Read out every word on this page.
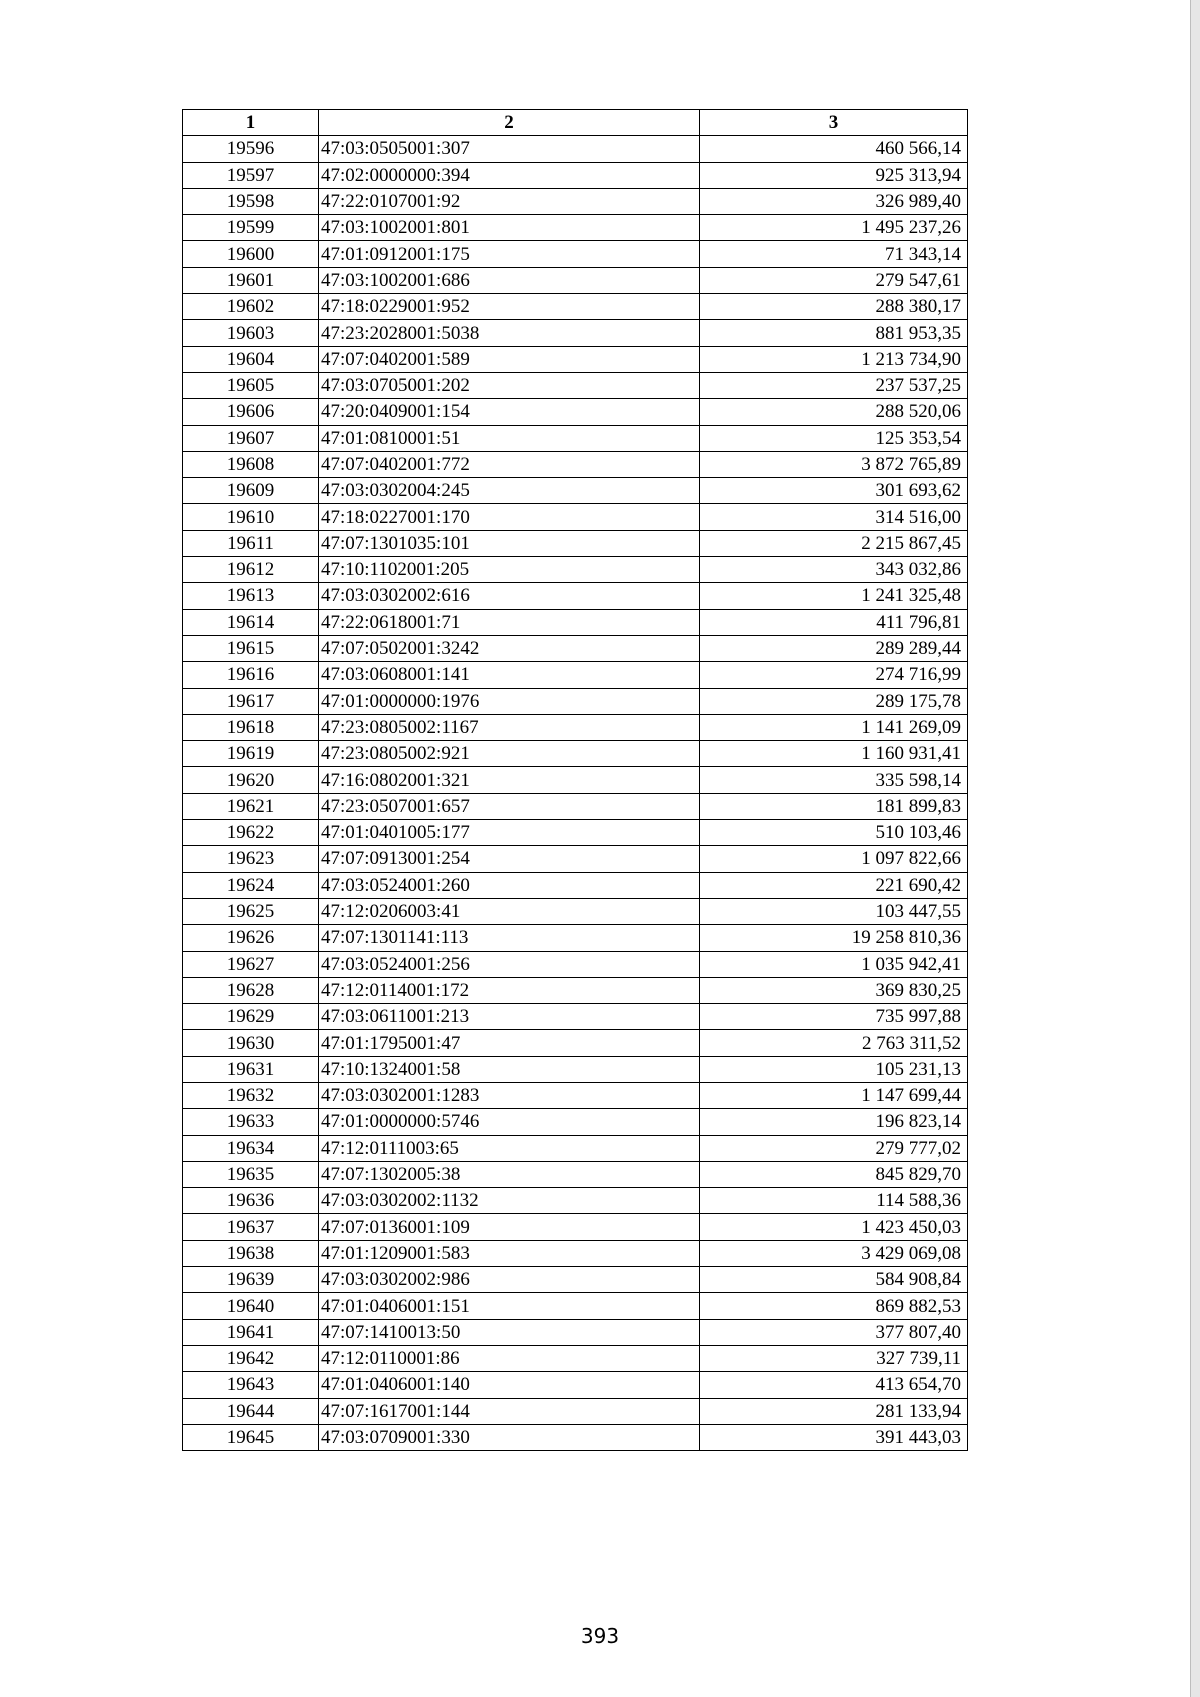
1	2	3
19596	47:03:0505001:307	460 566,14
19597	47:02:0000000:394	925 313,94
19598	47:22:0107001:92	326 989,40
19599	47:03:1002001:801	1 495 237,26
19600	47:01:0912001:175	71 343,14
19601	47:03:1002001:686	279 547,61
19602	47:18:0229001:952	288 380,17
19603	47:23:2028001:5038	881 953,35
19604	47:07:0402001:589	1 213 734,90
19605	47:03:0705001:202	237 537,25
19606	47:20:0409001:154	288 520,06
19607	47:01:0810001:51	125 353,54
19608	47:07:0402001:772	3 872 765,89
19609	47:03:0302004:245	301 693,62
19610	47:18:0227001:170	314 516,00
19611	47:07:1301035:101	2 215 867,45
19612	47:10:1102001:205	343 032,86
19613	47:03:0302002:616	1 241 325,48
19614	47:22:0618001:71	411 796,81
19615	47:07:0502001:3242	289 289,44
19616	47:03:0608001:141	274 716,99
19617	47:01:0000000:1976	289 175,78
19618	47:23:0805002:1167	1 141 269,09
19619	47:23:0805002:921	1 160 931,41
19620	47:16:0802001:321	335 598,14
19621	47:23:0507001:657	181 899,83
19622	47:01:0401005:177	510 103,46
19623	47:07:0913001:254	1 097 822,66
19624	47:03:0524001:260	221 690,42
19625	47:12:0206003:41	103 447,55
19626	47:07:1301141:113	19 258 810,36
19627	47:03:0524001:256	1 035 942,41
19628	47:12:0114001:172	369 830,25
19629	47:03:0611001:213	735 997,88
19630	47:01:1795001:47	2 763 311,52
19631	47:10:1324001:58	105 231,13
19632	47:03:0302001:1283	1 147 699,44
19633	47:01:0000000:5746	196 823,14
19634	47:12:0111003:65	279 777,02
19635	47:07:1302005:38	845 829,70
19636	47:03:0302002:1132	114 588,36
19637	47:07:0136001:109	1 423 450,03
19638	47:01:1209001:583	3 429 069,08
19639	47:03:0302002:986	584 908,84
19640	47:01:0406001:151	869 882,53
19641	47:07:1410013:50	377 807,40
19642	47:12:0110001:86	327 739,11
19643	47:01:0406001:140	413 654,70
19644	47:07:1617001:144	281 133,94
19645	47:03:0709001:330	391 443,03
393
